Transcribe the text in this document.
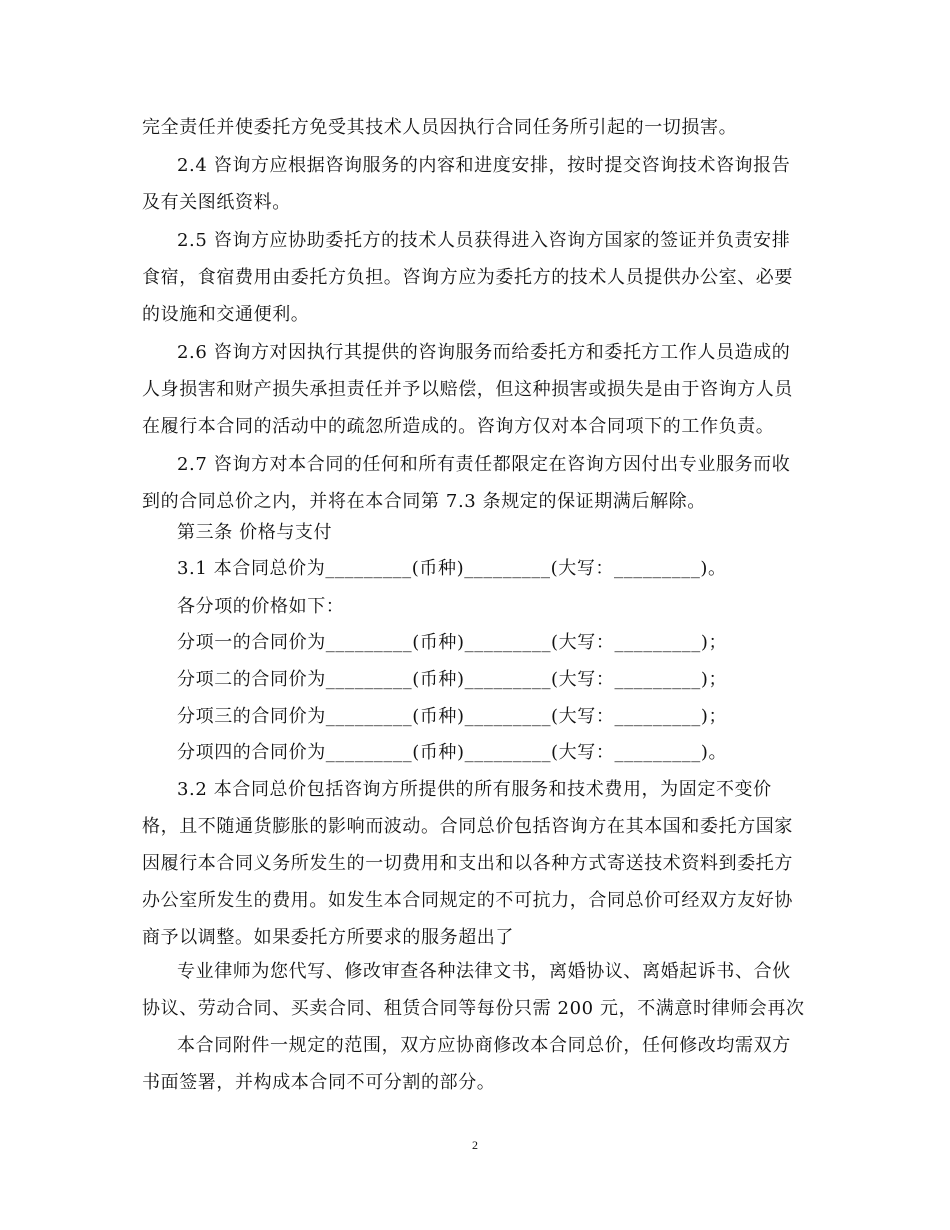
完全责任并使委托方免受其技术人员因执行合同任务所引起的一切损害。
2.4 咨询方应根据咨询服务的内容和进度安排，按时提交咨询技术咨询报告
及有关图纸资料。
2.5 咨询方应协助委托方的技术人员获得进入咨询方国家的签证并负责安排
食宿，食宿费用由委托方负担。咨询方应为委托方的技术人员提供办公室、必要
的设施和交通便利。
2.6 咨询方对因执行其提供的咨询服务而给委托方和委托方工作人员造成的
人身损害和财产损失承担责任并予以赔偿，但这种损害或损失是由于咨询方人员
在履行本合同的活动中的疏忽所造成的。咨询方仅对本合同项下的工作负责。
2.7 咨询方对本合同的任何和所有责任都限定在咨询方因付出专业服务而收
到的合同总价之内，并将在本合同第 7.3 条规定的保证期满后解除。
第三条 价格与支付
3.1 本合同总价为_________(币种)_________(大写：_________)。
各分项的价格如下：
分项一的合同价为_________(币种)_________(大写：_________)；
分项二的合同价为_________(币种)_________(大写：_________)；
分项三的合同价为_________(币种)_________(大写：_________)；
分项四的合同价为_________(币种)_________(大写：_________)。
3.2 本合同总价包括咨询方所提供的所有服务和技术费用，为固定不变价
格，且不随通货膨胀的影响而波动。合同总价包括咨询方在其本国和委托方国家
因履行本合同义务所发生的一切费用和支出和以各种方式寄送技术资料到委托方
办公室所发生的费用。如发生本合同规定的不可抗力，合同总价可经双方友好协
商予以调整。如果委托方所要求的服务超出了
专业律师为您代写、修改审查各种法律文书，离婚协议、离婚起诉书、合伙
协议、劳动合同、买卖合同、租赁合同等每份只需 200 元，不满意时律师会再次
本合同附件一规定的范围，双方应协商修改本合同总价，任何修改均需双方
书面签署，并构成本合同不可分割的部分。
2
